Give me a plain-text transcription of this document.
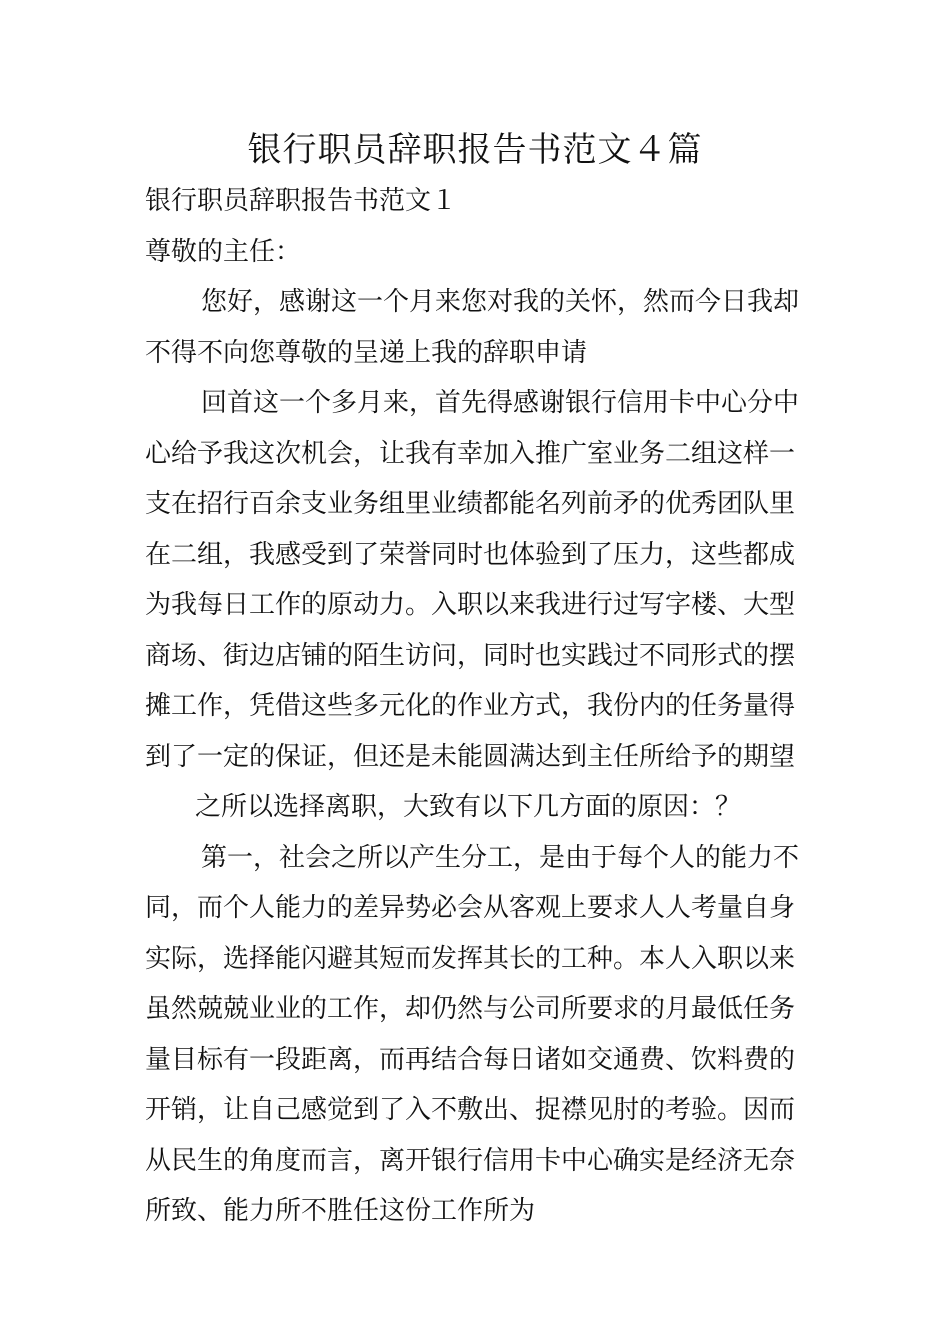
银行职员辞职报告书范文４篇
银行职员辞职报告书范文１
尊敬的主任：
您好，感谢这一个月来您对我的关怀，然而今日我却
不得不向您尊敬的呈递上我的辞职申请
回首这一个多月来，首先得感谢银行信用卡中心分中
心给予我这次机会，让我有幸加入推广室业务二组这样一
支在招行百余支业务组里业绩都能名列前矛的优秀团队里
在二组，我感受到了荣誉同时也体验到了压力，这些都成
为我每日工作的原动力。入职以来我进行过写字楼、大型
商场、街边店铺的陌生访问，同时也实践过不同形式的摆
摊工作，凭借这些多元化的作业方式，我份内的任务量得
到了一定的保证，但还是未能圆满达到主任所给予的期望
之所以选择离职，大致有以下几方面的原因：？
第一，社会之所以产生分工，是由于每个人的能力不
同，而个人能力的差异势必会从客观上要求人人考量自身
实际，选择能闪避其短而发挥其长的工种。本人入职以来
虽然兢兢业业的工作，却仍然与公司所要求的月最低任务
量目标有一段距离，而再结合每日诸如交通费、饮料费的
开销，让自己感觉到了入不敷出、捉襟见肘的考验。因而
从民生的角度而言，离开银行信用卡中心确实是经济无奈
所致、能力所不胜任这份工作所为
